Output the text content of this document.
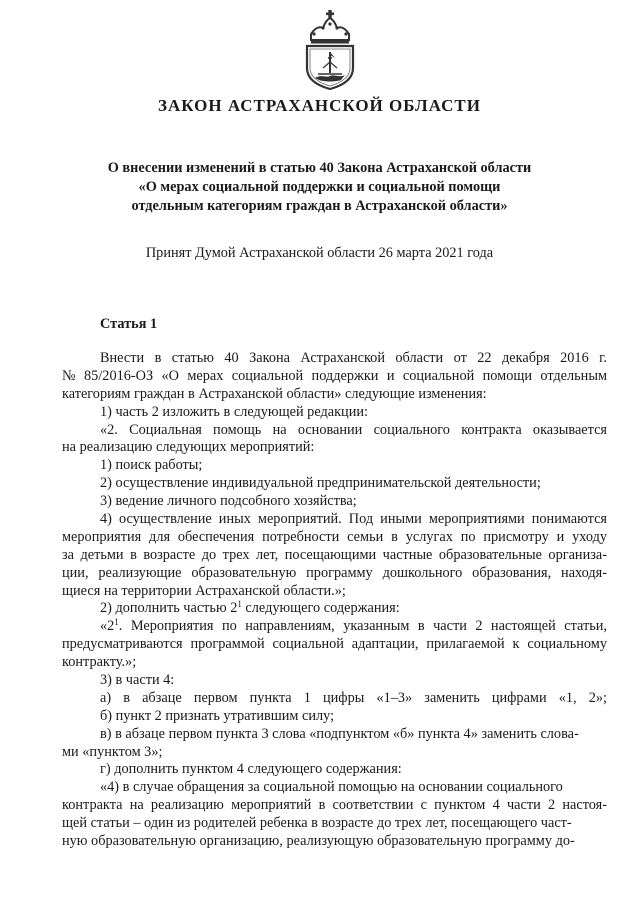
ЗАКОН АСТРАХАНСКОЙ ОБЛАСТИ
О внесении изменений в статью 40 Закона Астраханской области
«О мерах социальной поддержки и социальной помощи
отдельным категориям граждан в Астраханской области»
Принят Думой Астраханской области 26 марта 2021 года
Статья 1
Внести в статью 40 Закона Астраханской области от 22 декабря 2016 г.
№ 85/2016-ОЗ «О мерах социальной поддержки и социальной помощи отдельным
категориям граждан в Астраханской области» следующие изменения:
1) часть 2 изложить в следующей редакции:
«2. Социальная помощь на основании социального контракта оказывается
на реализацию следующих мероприятий:
1) поиск работы;
2) осуществление индивидуальной предпринимательской деятельности;
3) ведение личного подсобного хозяйства;
4) осуществление иных мероприятий. Под иными мероприятиями понимаются
мероприятия для обеспечения потребности семьи в услугах по присмотру и уходу
за детьми в возрасте до трех лет, посещающими частные образовательные организа-
ции, реализующие образовательную программу дошкольного образования, находя-
щиеся на территории Астраханской области.»;
2) дополнить частью $2^1$ следующего содержания:
«$2^1$. Мероприятия по направлениям, указанным в части 2 настоящей статьи,
предусматриваются программой социальной адаптации, прилагаемой к социальному
контракту.»;
3) в части 4:
а) в абзаце первом пункта 1 цифры «1–3» заменить цифрами «1, 2»;
б) пункт 2 признать утратившим силу;
в) в абзаце первом пункта 3 слова «подпунктом «б» пункта 4» заменить слова-
ми «пунктом 3»;
г) дополнить пунктом 4 следующего содержания:
«4) в случае обращения за социальной помощью на основании социального
контракта на реализацию мероприятий в соответствии с пунктом 4 части 2 настоя-
щей статьи – один из родителей ребенка в возрасте до трех лет, посещающего част-
ную образовательную организацию, реализующую образовательную программу до-
